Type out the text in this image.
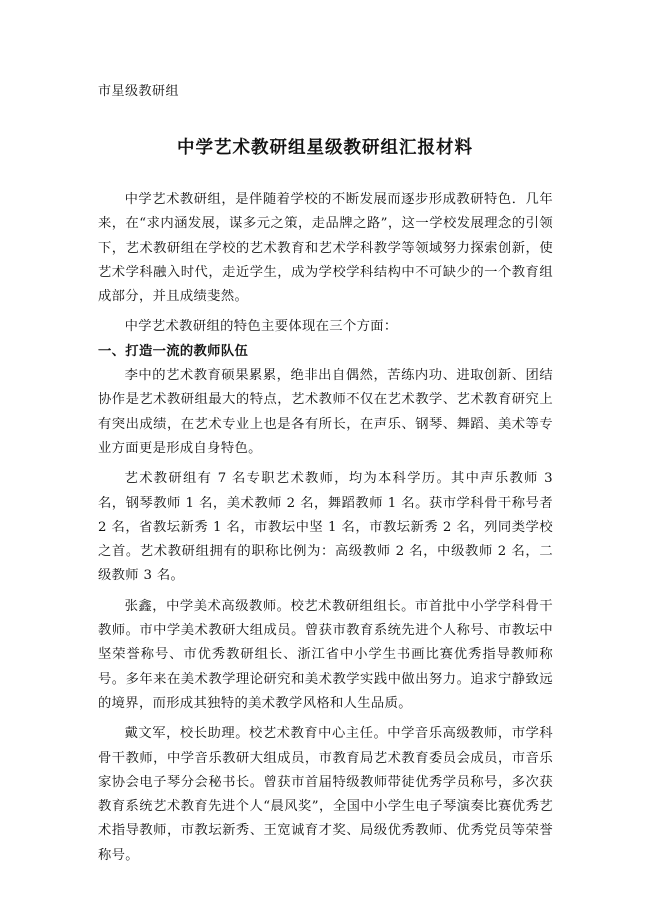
市星级教研组
中学艺术教研组星级教研组汇报材料

中学艺术教研组，是伴随着学校的不断发展而逐步形成教研特色．几年来，在“求内涵发展，谋多元之策，走品牌之路”，这一学校发展理念的引领下，艺术教研组在学校的艺术教育和艺术学科教学等领域努力探索创新，使艺术学科融入时代，走近学生，成为学校学科结构中不可缺少的一个教育组成部分，并且成绩斐然。

中学艺术教研组的特色主要体现在三个方面：

一、打造一流的教师队伍

李中的艺术教育硕果累累，绝非出自偶然，苦练内功、进取创新、团结协作是艺术教研组最大的特点，艺术教师不仅在艺术教学、艺术教育研究上有突出成绩，在艺术专业上也是各有所长，在声乐、钢琴、舞蹈、美术等专业方面更是形成自身特色。

艺术教研组有 7 名专职艺术教师，均为本科学历。其中声乐教师 3 名，钢琴教师 1 名，美术教师 2 名，舞蹈教师 1 名。获市学科骨干称号者 2 名，省教坛新秀 1 名，市教坛中坚 1 名，市教坛新秀 2 名，列同类学校之首。艺术教研组拥有的职称比例为：高级教师 2 名，中级教师 2 名，二级教师 3 名。

张鑫，中学美术高级教师。校艺术教研组组长。市首批中小学学科骨干教师。市中学美术教研大组成员。曾获市教育系统先进个人称号、市教坛中坚荣誉称号、市优秀教研组长、浙江省中小学生书画比赛优秀指导教师称号。多年来在美术教学理论研究和美术教学实践中做出努力。追求宁静致远的境界，而形成其独特的美术教学风格和人生品质。

戴文军，校长助理。校艺术教育中心主任。中学音乐高级教师，市学科骨干教师，中学音乐教研大组成员，市教育局艺术教育委员会成员，市音乐家协会电子琴分会秘书长。曾获市首届特级教师带徒优秀学员称号，多次获教育系统艺术教育先进个人“晨风奖”，全国中小学生电子琴演奏比赛优秀艺术指导教师，市教坛新秀、王宽诚育才奖、局级优秀教师、优秀党员等荣誉称号。
